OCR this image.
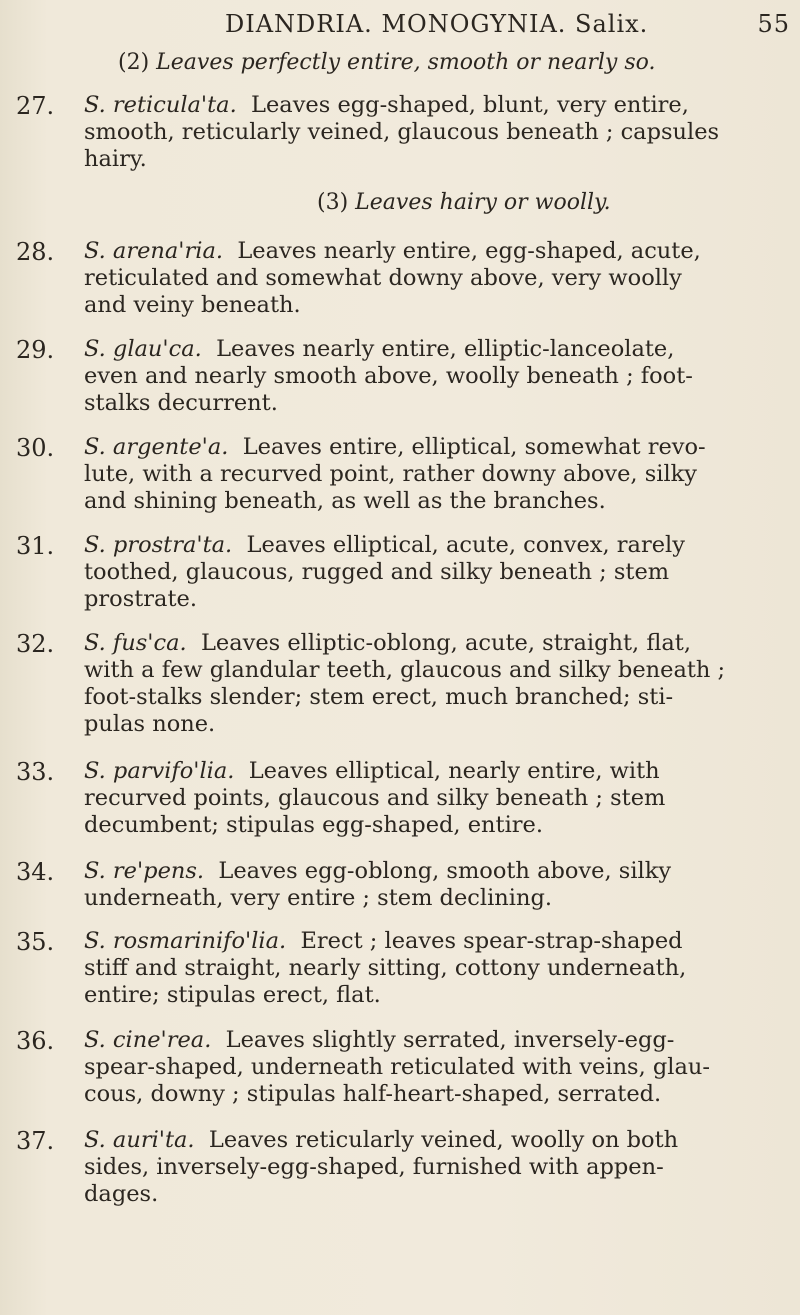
DIANDRIA. MONOGYNIA. Salix.	55
(2) Leaves perfectly entire, smooth or nearly so.
(3) Leaves hairy or woolly.
27. S. reticula'ta. Leaves egg-shaped, blunt, very entire,
smooth, reticularly veined, glaucous beneath ; capsules
hairy.
28. S. arena'ria. Leaves nearly entire, egg-shaped, acute,
reticulated and somewhat downy above, very woolly
and veiny beneath.
29. S. glau'ca. Leaves nearly entire, elliptic-lanceolate,
even and nearly smooth above, woolly beneath ; foot-
stalks decurrent.
30. S. argente'a. Leaves entire, elliptical, somewhat revo-
lute, with a recurved point, rather downy above, silky
and shining beneath, as well as the branches.
31. S. prostra'ta. Leaves elliptical, acute, convex, rarely
toothed, glaucous, rugged and silky beneath ; stem
prostrate.
32. S. fus'ca. Leaves elliptic-oblong, acute, straight, flat,
with a few glandular teeth, glaucous and silky beneath ;
foot-stalks slender; stem erect, much branched; sti-
pulas none.
33. S. parvifo'lia. Leaves elliptical, nearly entire, with
recurved points, glaucous and silky beneath ; stem
decumbent; stipulas egg-shaped, entire.
34. S. re'pens. Leaves egg-oblong, smooth above, silky
underneath, very entire ; stem declining.
35. S. rosmarinifo'lia. Erect ; leaves spear-strap-shaped
stiff and straight, nearly sitting, cottony underneath,
entire; stipulas erect, flat.
36. S. cine'rea. Leaves slightly serrated, inversely-egg-
spear-shaped, underneath reticulated with veins, glau-
cous, downy ; stipulas half-heart-shaped, serrated.
37. S. auri'ta. Leaves reticularly veined, woolly on both
sides, inversely-egg-shaped, furnished with appen-
dages.
